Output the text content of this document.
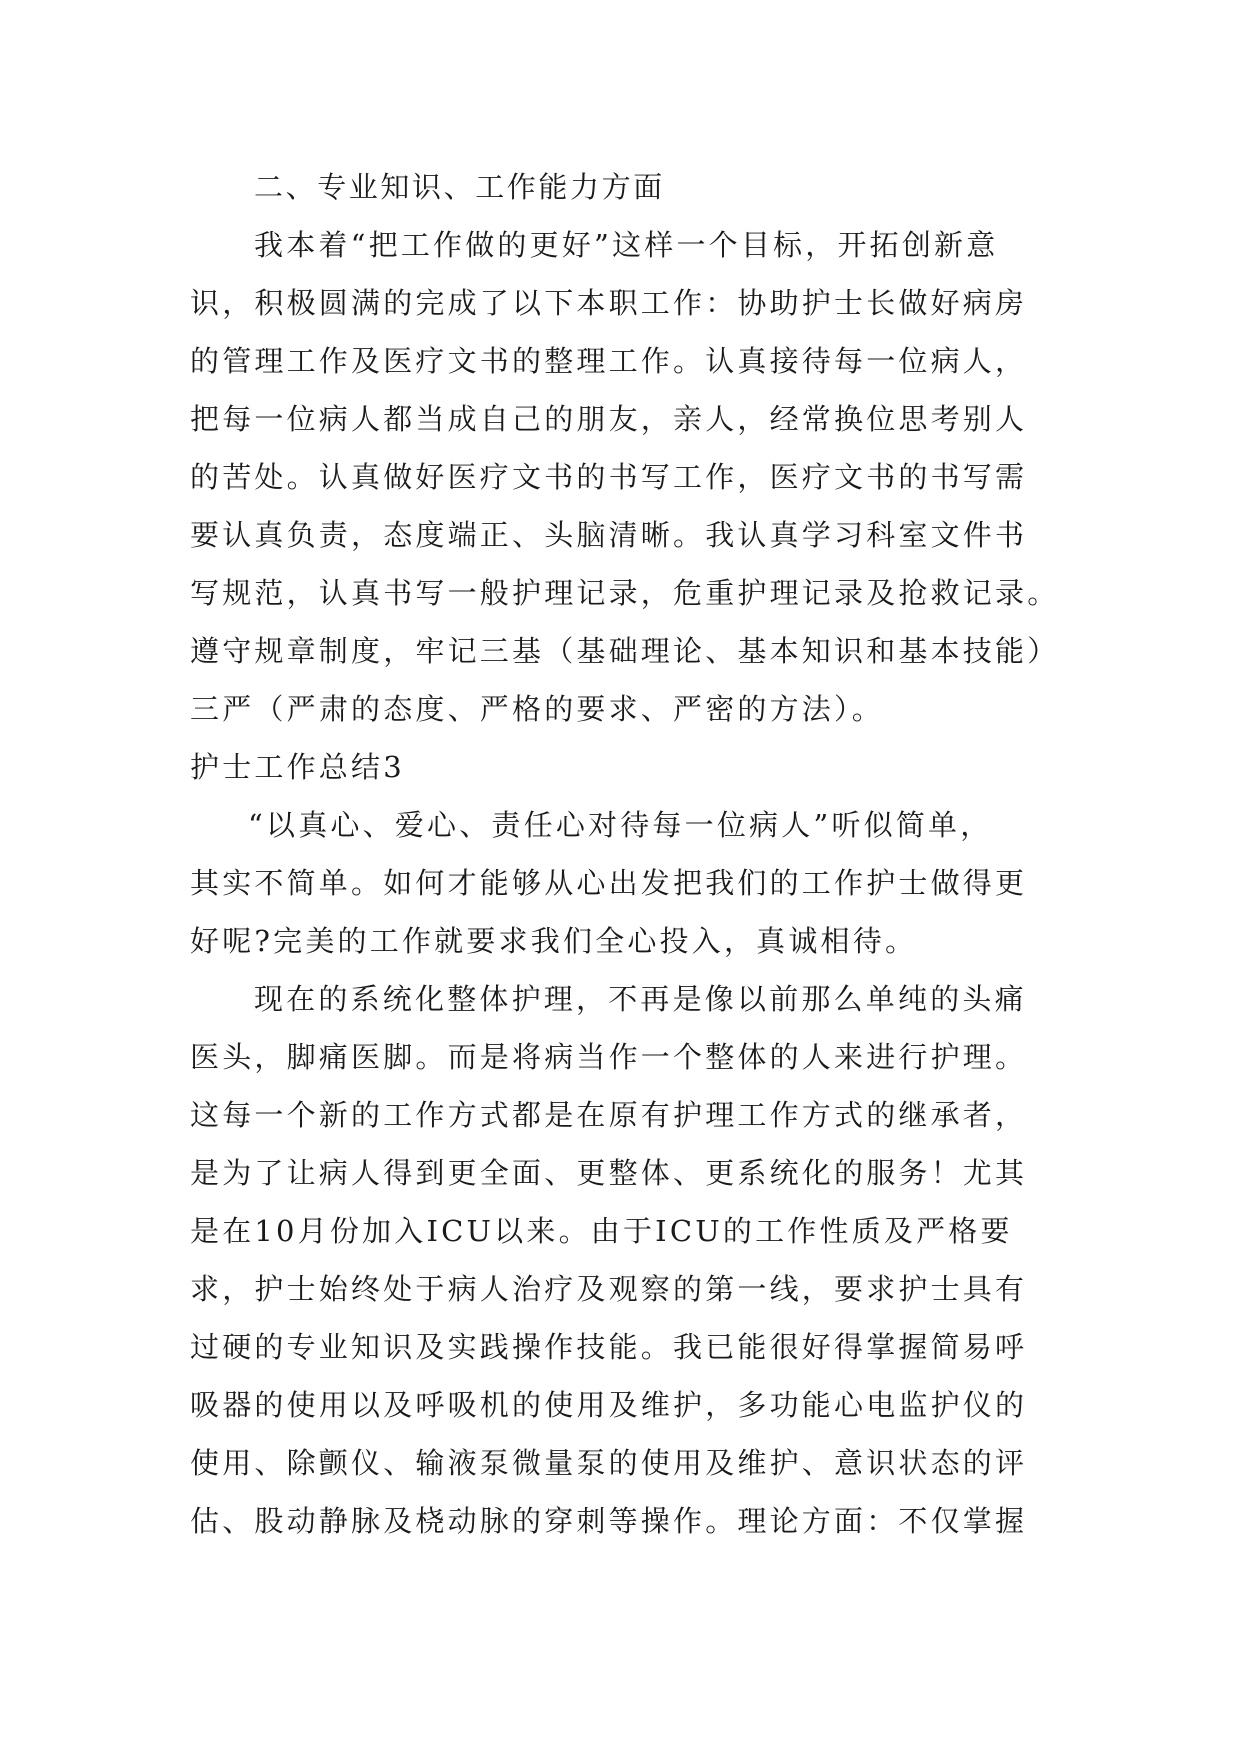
二、专业知识、工作能力方面
我本着“把工作做的更好”这样一个目标，开拓创新意
识，积极圆满的完成了以下本职工作：协助护士长做好病房
的管理工作及医疗文书的整理工作。认真接待每一位病人，
把每一位病人都当成自己的朋友，亲人，经常换位思考别人
的苦处。认真做好医疗文书的书写工作，医疗文书的书写需
要认真负责，态度端正、头脑清晰。我认真学习科室文件书
写规范，认真书写一般护理记录，危重护理记录及抢救记录。
遵守规章制度，牢记三基（基础理论、基本知识和基本技能）
三严（严肃的态度、严格的要求、严密的方法）。
护士工作总结3
“以真心、爱心、责任心对待每一位病人”听似简单，
其实不简单。如何才能够从心出发把我们的工作护士做得更
好呢?完美的工作就要求我们全心投入，真诚相待。
现在的系统化整体护理，不再是像以前那么单纯的头痛
医头，脚痛医脚。而是将病当作一个整体的人来进行护理。
这每一个新的工作方式都是在原有护理工作方式的继承者，
是为了让病人得到更全面、更整体、更系统化的服务！尤其
是在10月份加入ICU以来。由于ICU的工作性质及严格要
求，护士始终处于病人治疗及观察的第一线，要求护士具有
过硬的专业知识及实践操作技能。我已能很好得掌握简易呼
吸器的使用以及呼吸机的使用及维护，多功能心电监护仪的
使用、除颤仪、输液泵微量泵的使用及维护、意识状态的评
估、股动静脉及桡动脉的穿刺等操作。理论方面：不仅掌握
